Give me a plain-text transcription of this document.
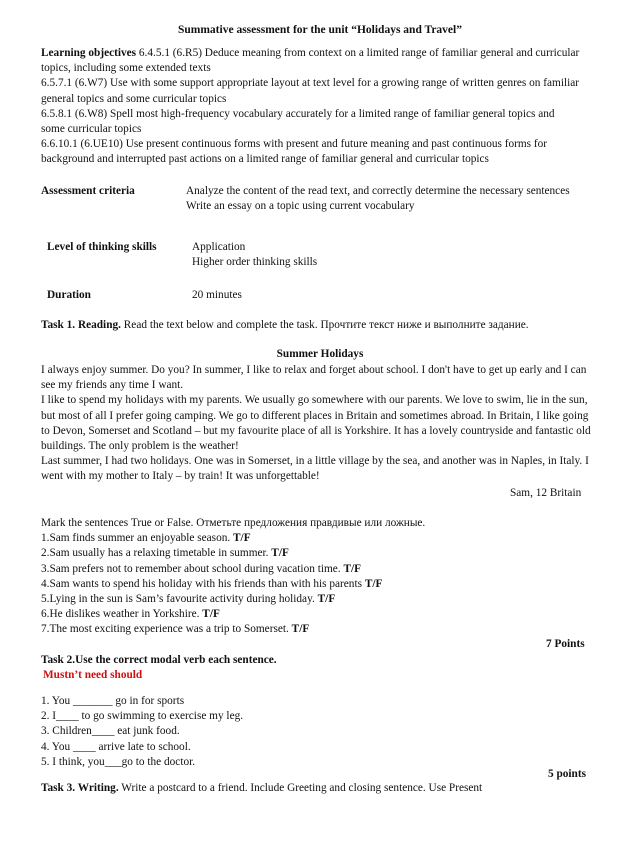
Summative assessment for the unit “Holidays and Travel”
Learning objectives 6.4.5.1 (6.R5) Deduce meaning from context on a limited range of familiar general and curricular topics, including some extended texts
6.5.7.1 (6.W7) Use with some support appropriate layout at text level for a growing range of written genres on familiar general topics and some curricular topics
6.5.8.1 (6.W8) Spell most high-frequency vocabulary accurately for a limited range of familiar general topics and some curricular topics
6.6.10.1 (6.UE10) Use present continuous forms with present and future meaning and past continuous forms for background and interrupted past actions on a limited range of familiar general and curricular topics
Assessment criteria	Analyze the content of the read text, and correctly determine the necessary sentences
Write an essay on a topic using current vocabulary
Level of thinking skills	Application
Higher order thinking skills
Duration	20 minutes
Task 1. Reading. Read the text below and complete the task. Прочтите текст ниже и выполните задание.
Summer Holidays

I always enjoy summer. Do you? In summer, I like to relax and forget about school. I don't have to get up early and I can see my friends any time I want.

I like to spend my holidays with my parents. We usually go somewhere with our parents. We love to swim, lie in the sun, but most of all I prefer going camping. We go to different places in Britain and sometimes abroad. In Britain, I like going to Devon, Somerset and Scotland – but my favourite place of all is Yorkshire. It has a lovely countryside and fantastic old buildings. The only problem is the weather!

Last summer, I had two holidays. One was in Somerset, in a little village by the sea, and another was in Naples, in Italy. I went with my mother to Italy – by train! It was unforgettable!

Sam, 12 Britain
Mark the sentences True or False. Отметьте предложения правдивые или ложные.
1.Sam finds summer an enjoyable season. T/F
2.Sam usually has a relaxing timetable in summer. T/F
3.Sam prefers not to remember about school during vacation time. T/F
4.Sam wants to spend his holiday with his friends than with his parents T/F
5.Lying in the sun is Sam’s favourite activity during holiday. T/F
6.He dislikes weather in Yorkshire. T/F
7.The most exciting experience was a trip to Somerset. T/F
7 Points
Task 2.Use the correct modal verb each sentence.
Mustn’t need should
1. You _______ go in for sports
2. I____ to go swimming to exercise my leg.
3. Children____ eat junk food.
4. You ____ arrive late to school.
5. I think, you___go to the doctor.
5 points
Task 3. Writing. Write a postcard to a friend. Include Greeting and closing sentence. Use Present
